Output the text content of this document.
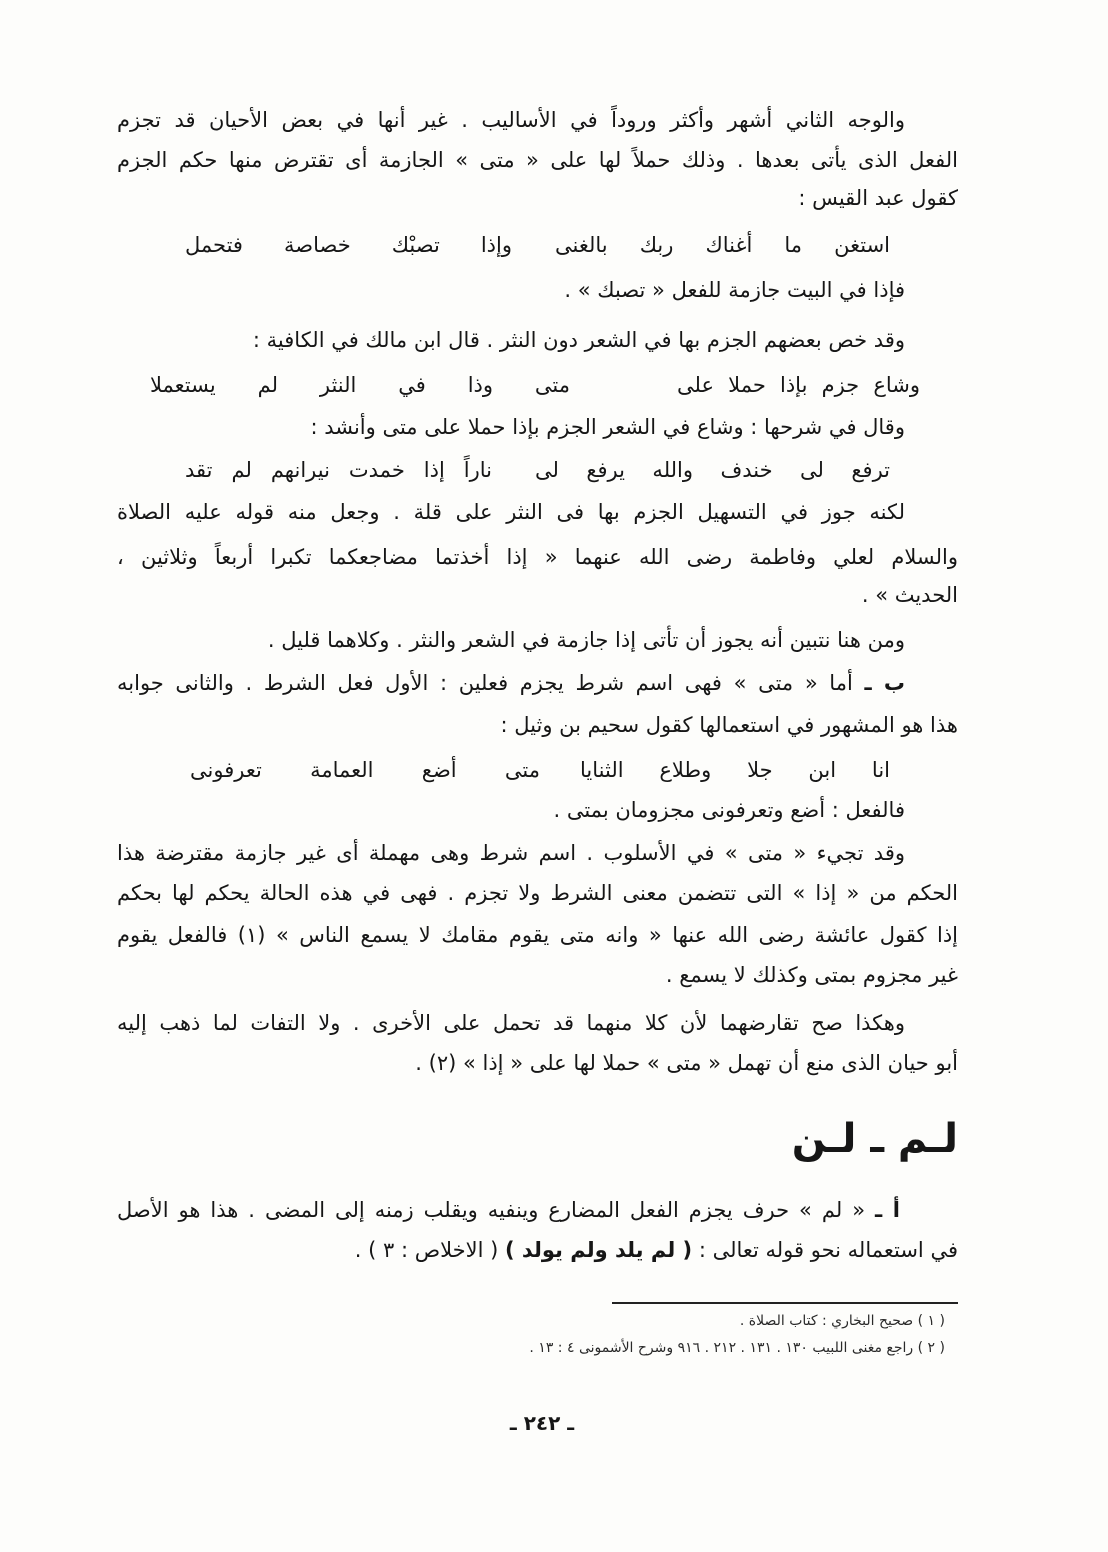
والوجه الثاني أشهر وأكثر وروداً في الأساليب . غير أنها في بعض الأحيان قد تجزم
الفعل الذى يأتى بعدها . وذلك حملاً لها على « متى » الجازمة أى تقترض منها حكم الجزم
كقول عبد القيس :
استغن ما أغناك ربك بالغنى
وإذا تصبْك خصاصة فتحمل
فإذا في البيت جازمة للفعل « تصبك » .
وقد خص بعضهم الجزم بها في الشعر دون النثر . قال ابن مالك في الكافية :
وشاع جزم بإذا حملا على
متى وذا في النثر لم يستعملا
وقال في شرحها : وشاع في الشعر الجزم بإذا حملا على متى وأنشد :
ترفع لى خندف والله يرفع لى
ناراً إذا خمدت نيرانهم لم تقد
لكنه جوز في التسهيل الجزم بها فى النثر على قلة . وجعل منه قوله عليه الصلاة
والسلام لعلي وفاطمة رضى الله عنهما « إذا أخذتما مضاجعكما تكبرا أربعاً وثلاثين ،
الحديث » .
ومن هنا نتبين أنه يجوز أن تأتى إذا جازمة في الشعر والنثر . وكلاهما قليل .
ب ـ أما « متى » فهى اسم شرط يجزم فعلين : الأول فعل الشرط . والثانى جوابه
هذا هو المشهور في استعمالها كقول سحيم بن وثيل :
انا ابن جلا وطلاع الثنايا
متى أضع العمامة تعرفونى
فالفعل : أضع وتعرفونى مجزومان بمتى .
وقد تجيء « متى » في الأسلوب . اسم شرط وهى مهملة أى غير جازمة مقترضة هذا
الحكم من « إذا » التى تتضمن معنى الشرط ولا تجزم . فهى في هذه الحالة يحكم لها بحكم
إذا كقول عائشة رضى الله عنها « وانه متى يقوم مقامك لا يسمع الناس » (١) فالفعل يقوم
غير مجزوم بمتى وكذلك لا يسمع .
وهكذا صح تقارضهما لأن كلا منهما قد تحمل على الأخرى . ولا التفات لما ذهب إليه
أبو حيان الذى منع أن تهمل « متى » حملا لها على « إذا » (٢) .
لـم ـ لـن
أ ـ « لم » حرف يجزم الفعل المضارع وينفيه ويقلب زمنه إلى المضى . هذا هو الأصل
في استعماله نحو قوله تعالى : ( لم يلد ولم يولد ) ( الاخلاص : ٣ ) .
( ١ ) صحيح البخاري : كتاب الصلاة .
( ٢ ) راجع مغنى اللبيب ١٣٠ . ١٣١ . ٢١٢ . ٩١٦ وشرح الأشمونى ٤ : ١٣ .
ـ ٢٤٢ ـ
